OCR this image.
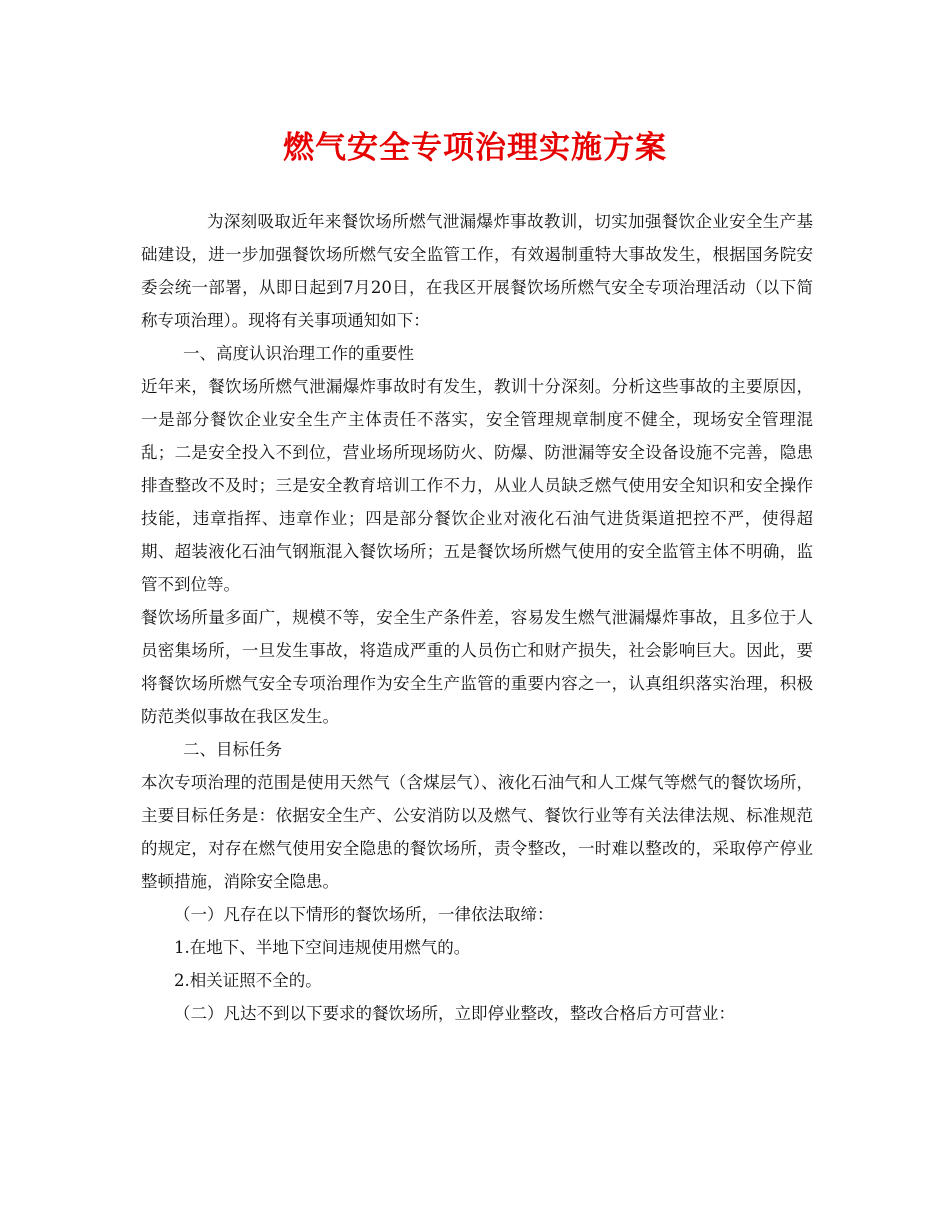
燃气安全专项治理实施方案

为深刻吸取近年来餐饮场所燃气泄漏爆炸事故教训，切实加强餐饮企业安全生产基础建设，进一步加强餐饮场所燃气安全监管工作，有效遏制重特大事故发生，根据国务院安委会统一部署，从即日起到7月20日，在我区开展餐饮场所燃气安全专项治理活动（以下简称专项治理）。现将有关事项通知如下：

一、高度认识治理工作的重要性

近年来，餐饮场所燃气泄漏爆炸事故时有发生，教训十分深刻。分析这些事故的主要原因，一是部分餐饮企业安全生产主体责任不落实，安全管理规章制度不健全，现场安全管理混乱；二是安全投入不到位，营业场所现场防火、防爆、防泄漏等安全设备设施不完善，隐患排查整改不及时；三是安全教育培训工作不力，从业人员缺乏燃气使用安全知识和安全操作技能，违章指挥、违章作业；四是部分餐饮企业对液化石油气进货渠道把控不严，使得超期、超装液化石油气钢瓶混入餐饮场所；五是餐饮场所燃气使用的安全监管主体不明确，监管不到位等。

餐饮场所量多面广，规模不等，安全生产条件差，容易发生燃气泄漏爆炸事故，且多位于人员密集场所，一旦发生事故，将造成严重的人员伤亡和财产损失，社会影响巨大。因此，要将餐饮场所燃气安全专项治理作为安全生产监管的重要内容之一，认真组织落实治理，积极防范类似事故在我区发生。

二、目标任务

本次专项治理的范围是使用天然气（含煤层气）、液化石油气和人工煤气等燃气的餐饮场所，主要目标任务是：依据安全生产、公安消防以及燃气、餐饮行业等有关法律法规、标准规范的规定，对存在燃气使用安全隐患的餐饮场所，责令整改，一时难以整改的，采取停产停业整顿措施，消除安全隐患。

（一）凡存在以下情形的餐饮场所，一律依法取缔：

1.在地下、半地下空间违规使用燃气的。

2.相关证照不全的。

（二）凡达不到以下要求的餐饮场所，立即停业整改，整改合格后方可营业：
